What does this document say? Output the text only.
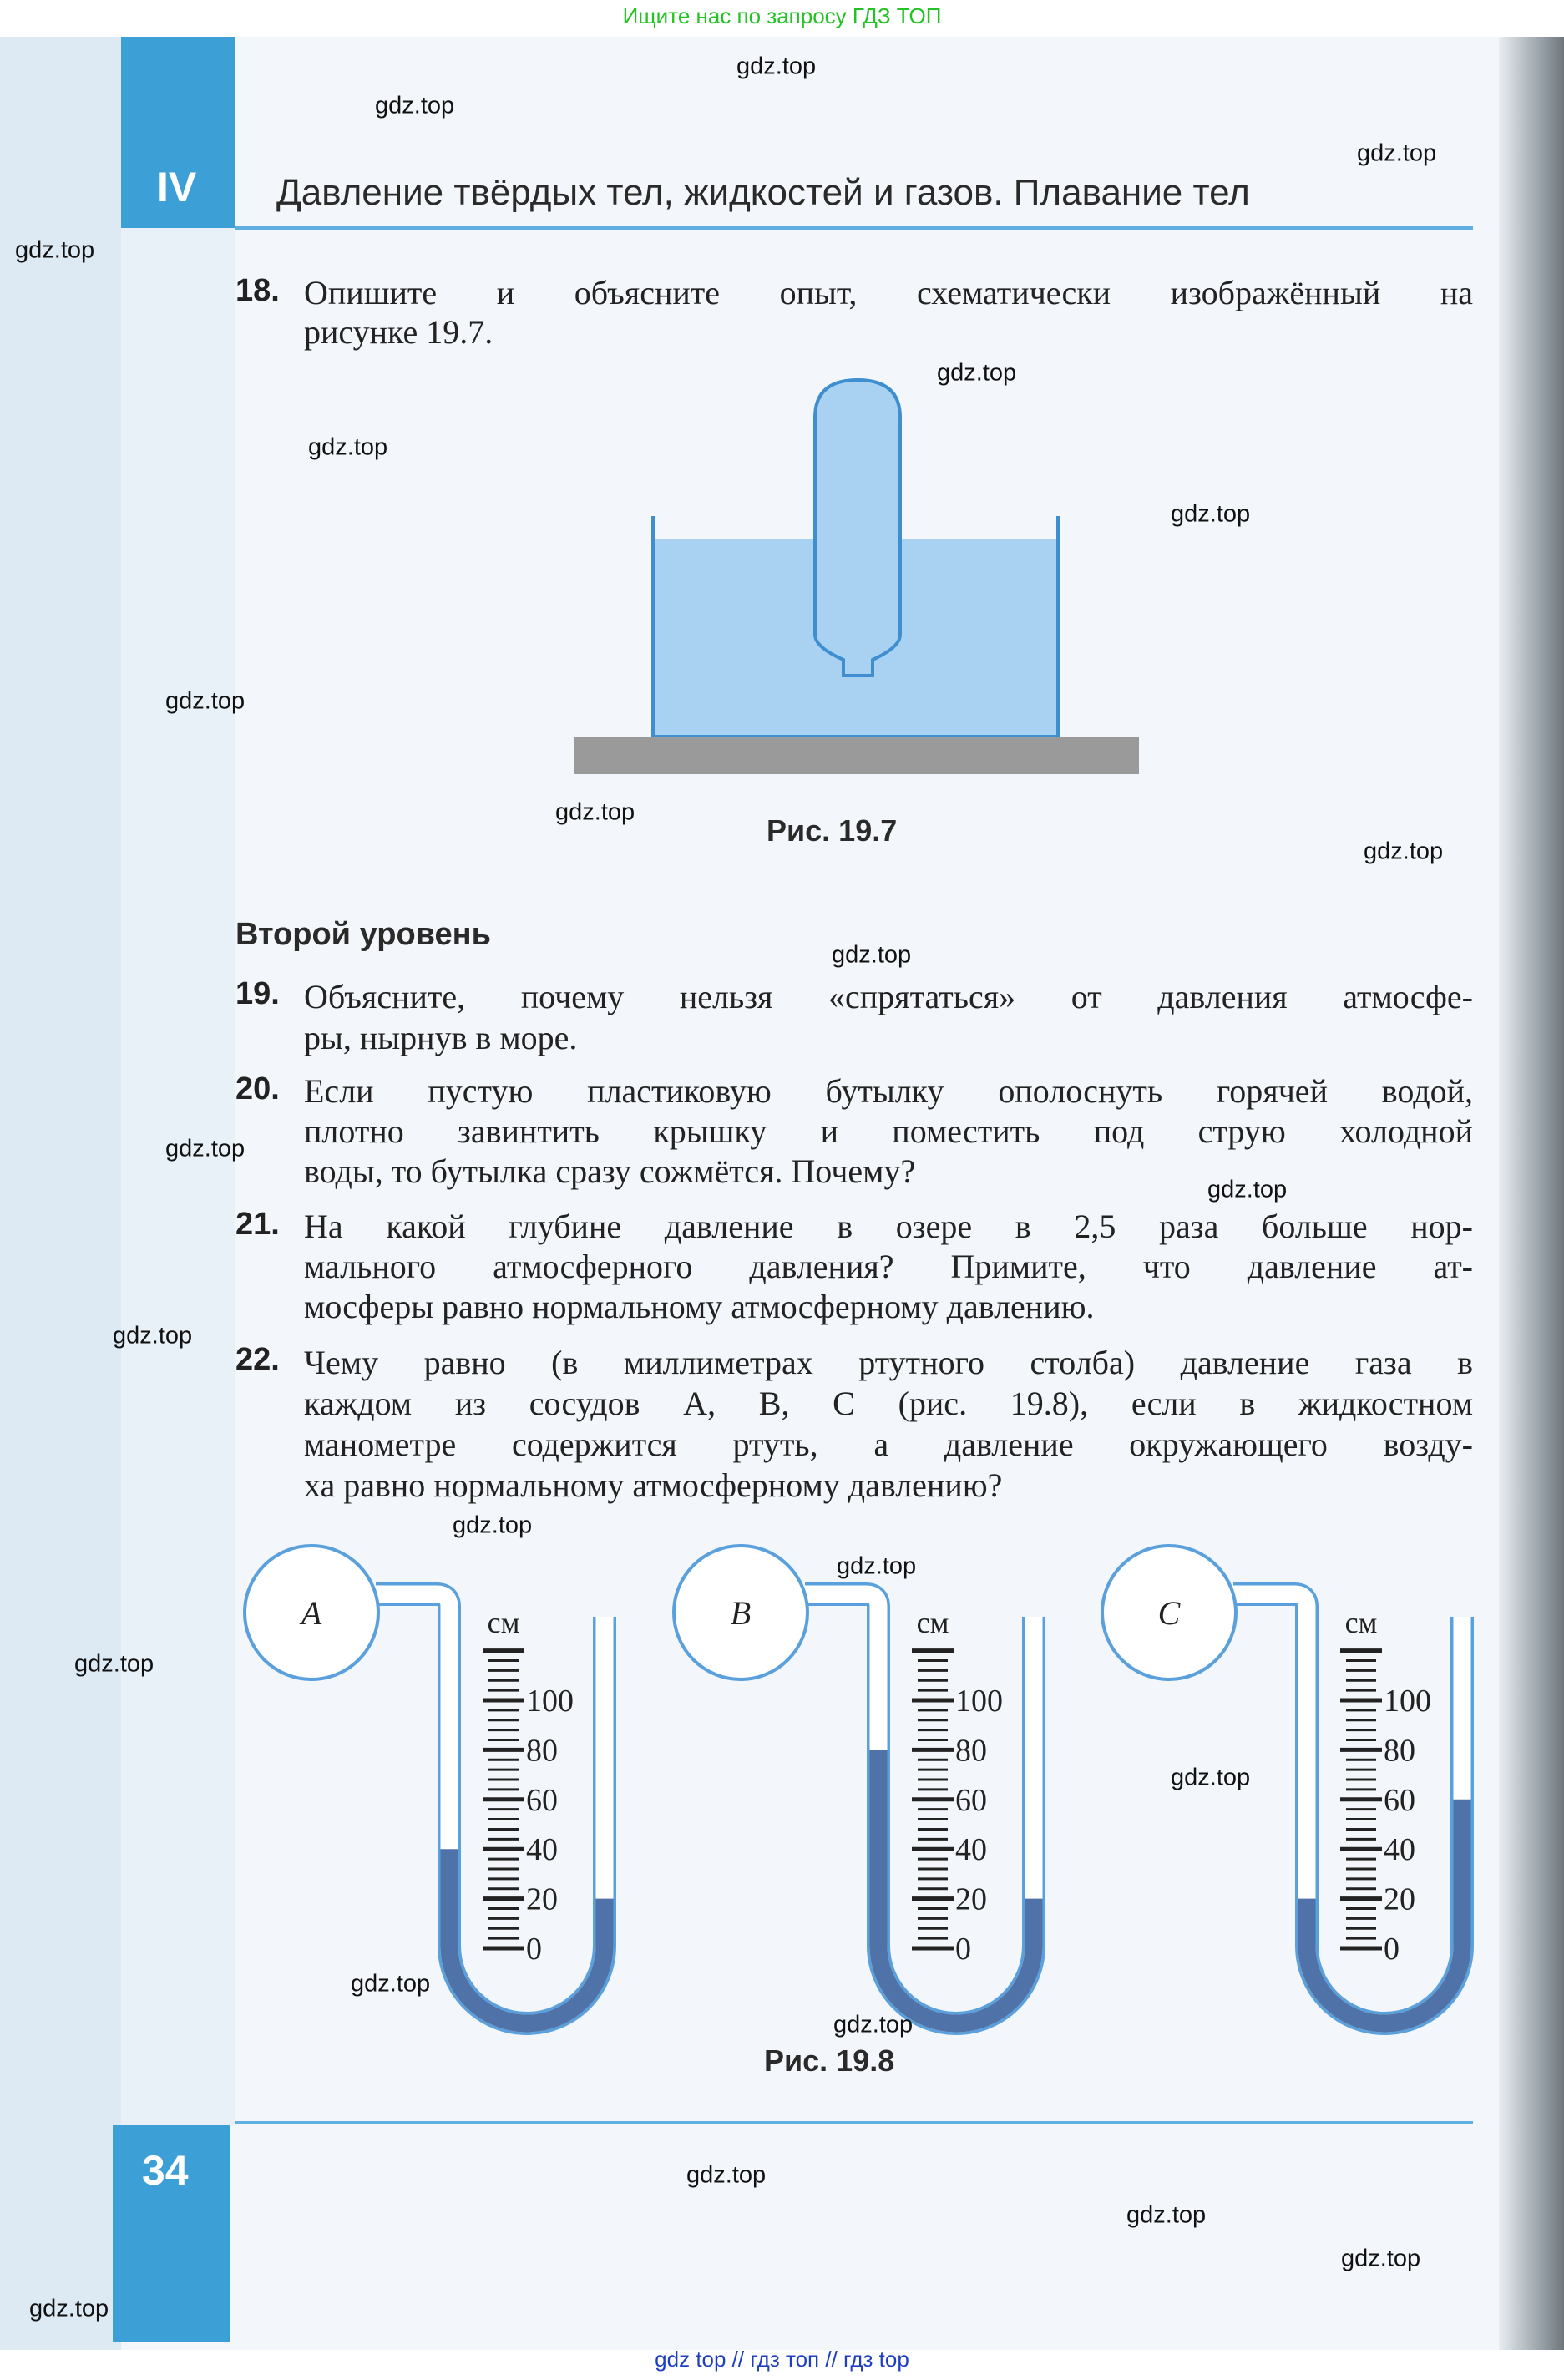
Ищите нас по запросу ГДЗ ТОП
IV Давление твёрдых тел, жидкостей и газов. Плавание тел
18. Опишите и объясните опыт, схематически изображённый на
рисунке 19.7.
Рис. 19.7
Второй уровень
19. Объясните, почему нельзя «спрятаться» от давления атмосфе-
ры, нырнув в море.
20. Если пустую пластиковую бутылку ополоснуть горячей водой,
плотно завинтить крышку и поместить под струю холодной
воды, то бутылка сразу сожмётся. Почему?
21. На какой глубине давление в озере в 2,5 раза больше нор-
мального атмосферного давления? Примите, что давление ат-
мосферы равно нормальному атмосферному давлению.
22. Чему равно (в миллиметрах ртутного столба) давление газа в
каждом из сосудов A, B, C (рис. 19.8), если в жидкостном
манометре содержится ртуть, а давление окружающего возду-
ха равно нормальному атмосферному давлению?
A	см
0
20
40
60
80
100
B	см
0
20
40
60
80
100
C	см
0
20
40
60
80
100
Рис. 19.8
34
gdz.top
gdz.top
gdz.top
gdz.top
gdz.top
gdz.top
gdz.top
gdz.top
gdz.top
gdz.top
gdz.top
gdz.top
gdz.top
gdz.top
gdz.top
gdz.top
gdz.top
gdz.top
gdz.top
gdz.top
gdz.top
gdz.top
gdz.top
gdz.top
gdz top // гдз топ // гдз top
